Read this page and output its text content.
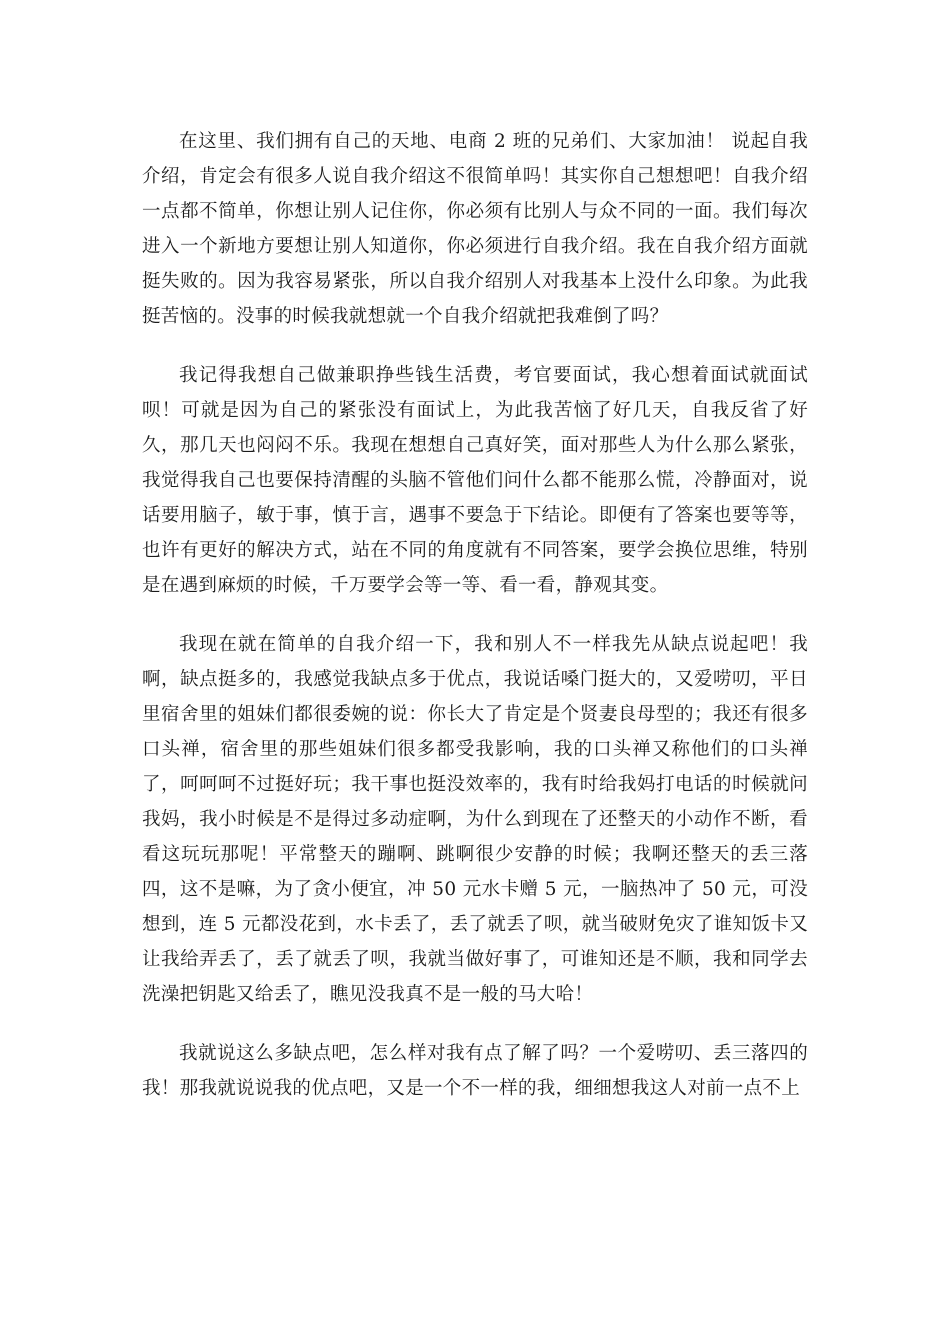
在这里、我们拥有自己的天地、电商 2 班的兄弟们、大家加油！ 说起自我介绍，肯定会有很多人说自我介绍这不很简单吗！其实你自己想想吧！自我介绍一点都不简单，你想让别人记住你，你必须有比别人与众不同的一面。我们每次进入一个新地方要想让别人知道你，你必须进行自我介绍。我在自我介绍方面就挺失败的。因为我容易紧张，所以自我介绍别人对我基本上没什么印象。为此我挺苦恼的。没事的时候我就想就一个自我介绍就把我难倒了吗？

我记得我想自己做兼职挣些钱生活费，考官要面试，我心想着面试就面试呗！可就是因为自己的紧张没有面试上，为此我苦恼了好几天，自我反省了好久，那几天也闷闷不乐。我现在想想自己真好笑，面对那些人为什么那么紧张，我觉得我自己也要保持清醒的头脑不管他们问什么都不能那么慌，冷静面对，说话要用脑子，敏于事，慎于言，遇事不要急于下结论。即便有了答案也要等等，也许有更好的解决方式，站在不同的角度就有不同答案，要学会换位思维，特别是在遇到麻烦的时候，千万要学会等一等、看一看，静观其变。

我现在就在简单的自我介绍一下，我和别人不一样我先从缺点说起吧！我啊，缺点挺多的，我感觉我缺点多于优点，我说话嗓门挺大的，又爱唠叨，平日里宿舍里的姐妹们都很委婉的说：你长大了肯定是个贤妻良母型的；我还有很多口头禅，宿舍里的那些姐妹们很多都受我影响，我的口头禅又称他们的口头禅了，呵呵呵不过挺好玩；我干事也挺没效率的，我有时给我妈打电话的时候就问我妈，我小时候是不是得过多动症啊，为什么到现在了还整天的小动作不断，看看这玩玩那呢！平常整天的蹦啊、跳啊很少安静的时候；我啊还整天的丢三落四，这不是嘛，为了贪小便宜，冲 50 元水卡赠 5 元，一脑热冲了 50 元，可没想到，连 5 元都没花到，水卡丢了，丢了就丢了呗，就当破财免灾了谁知饭卡又让我给弄丢了，丢了就丢了呗，我就当做好事了，可谁知还是不顺，我和同学去洗澡把钥匙又给丢了，瞧见没我真不是一般的马大哈！

我就说这么多缺点吧，怎么样对我有点了解了吗？一个爱唠叨、丢三落四的我！那我就说说我的优点吧，又是一个不一样的我，细细想我这人对前一点不上
